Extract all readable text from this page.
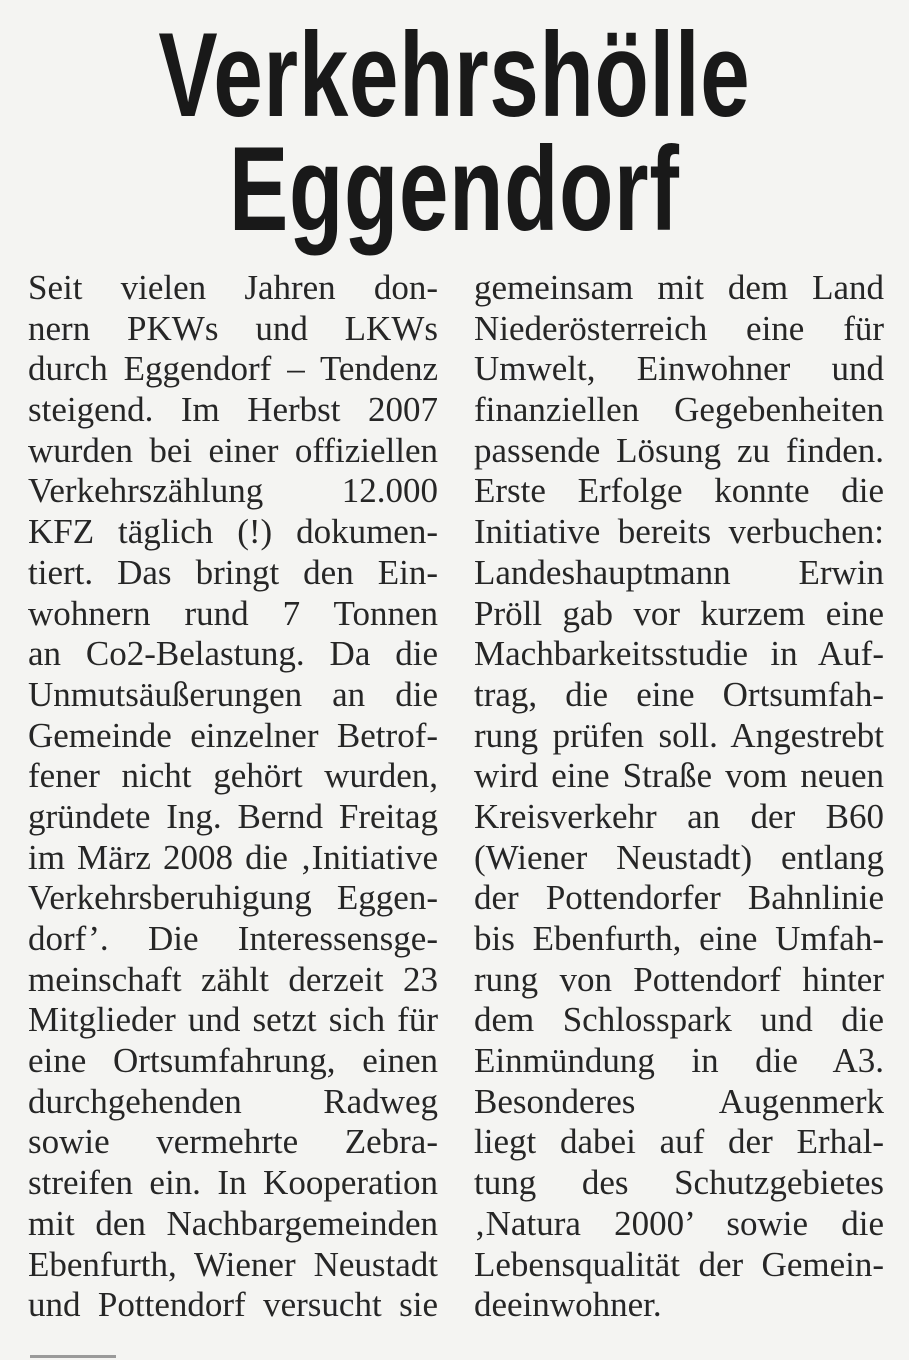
Verkehrshölle
Eggendorf
Seit vielen Jahren don-
nern PKWs und LKWs
durch Eggendorf – Tendenz
steigend. Im Herbst 2007
wurden bei einer offiziellen
Verkehrszählung 12.000
KFZ täglich (!) dokumen-
tiert. Das bringt den Ein-
wohnern rund 7 Tonnen
an Co2-Belastung. Da die
Unmutsäußerungen an die
Gemeinde einzelner Betrof-
fener nicht gehört wurden,
gründete Ing. Bernd Freitag
im März 2008 die ‚Initiative
Verkehrsberuhigung Eggen-
dorf’. Die Interessensge-
meinschaft zählt derzeit 23
Mitglieder und setzt sich für
eine Ortsumfahrung, einen
durchgehenden Radweg
sowie vermehrte Zebra-
streifen ein. In Kooperation
mit den Nachbargemeinden
Ebenfurth, Wiener Neustadt
und Pottendorf versucht sie
gemeinsam mit dem Land
Niederösterreich eine für
Umwelt, Einwohner und
finanziellen Gegebenheiten
passende Lösung zu finden.
Erste Erfolge konnte die
Initiative bereits verbuchen:
Landeshauptmann Erwin
Pröll gab vor kurzem eine
Machbarkeitsstudie in Auf-
trag, die eine Ortsumfah-
rung prüfen soll. Angestrebt
wird eine Straße vom neuen
Kreisverkehr an der B60
(Wiener Neustadt) entlang
der Pottendorfer Bahnlinie
bis Ebenfurth, eine Umfah-
rung von Pottendorf hinter
dem Schlosspark und die
Einmündung in die A3.
Besonderes Augenmerk
liegt dabei auf der Erhal-
tung des Schutzgebietes
‚Natura 2000’ sowie die
Lebensqualität der Gemein-
deeinwohner.
